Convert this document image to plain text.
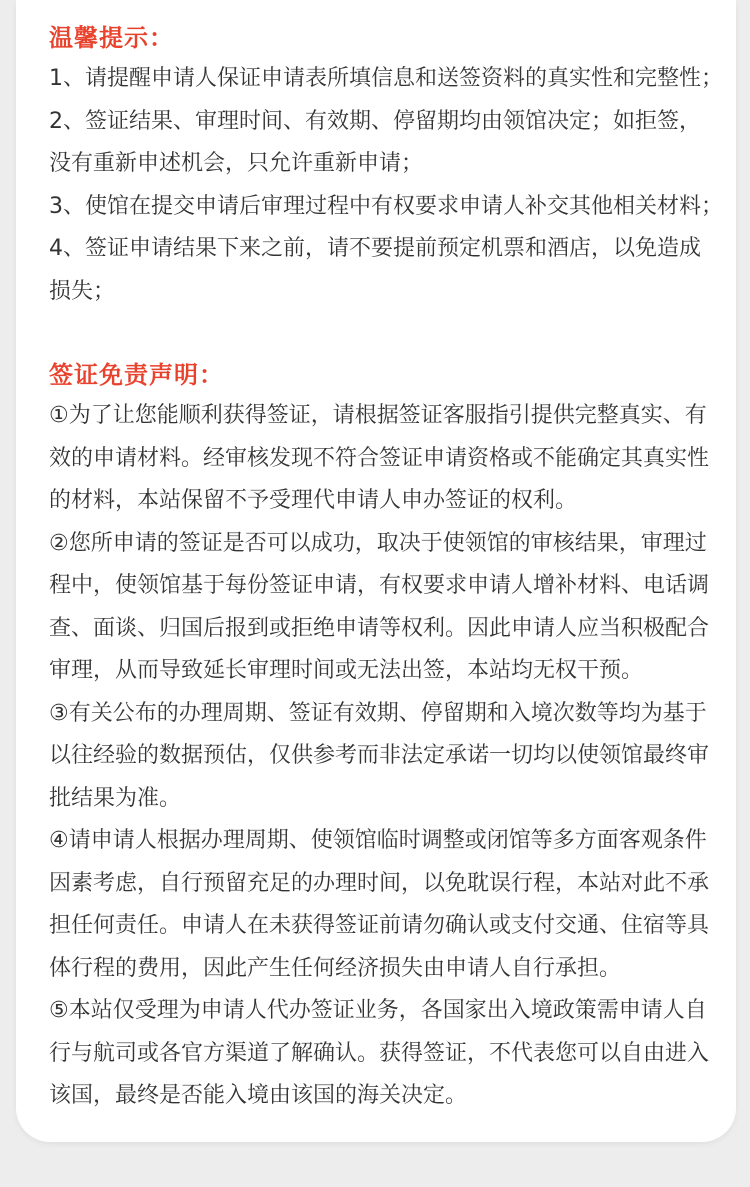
温馨提示：
1、请提醒申请人保证申请表所填信息和送签资料的真实性和完整性；
2、签证结果、审理时间、有效期、停留期均由领馆决定；如拒签，
没有重新申述机会，只允许重新申请；
3、使馆在提交申请后审理过程中有权要求申请人补交其他相关材料；
4、签证申请结果下来之前，请不要提前预定机票和酒店，以免造成
损失；
签证免责声明：
①为了让您能顺利获得签证，请根据签证客服指引提供完整真实、有
效的申请材料。经审核发现不符合签证申请资格或不能确定其真实性
的材料，本站保留不予受理代申请人申办签证的权利。
②您所申请的签证是否可以成功，取决于使领馆的审核结果，审理过
程中，使领馆基于每份签证申请，有权要求申请人增补材料、电话调
查、面谈、归国后报到或拒绝申请等权利。因此申请人应当积极配合
审理，从而导致延长审理时间或无法出签，本站均无权干预。
③有关公布的办理周期、签证有效期、停留期和入境次数等均为基于
以往经验的数据预估，仅供参考而非法定承诺一切均以使领馆最终审
批结果为准。
④请申请人根据办理周期、使领馆临时调整或闭馆等多方面客观条件
因素考虑，自行预留充足的办理时间，以免耽误行程，本站对此不承
担任何责任。申请人在未获得签证前请勿确认或支付交通、住宿等具
体行程的费用，因此产生任何经济损失由申请人自行承担。
⑤本站仅受理为申请人代办签证业务，各国家出入境政策需申请人自
行与航司或各官方渠道了解确认。获得签证，不代表您可以自由进入
该国，最终是否能入境由该国的海关决定。
